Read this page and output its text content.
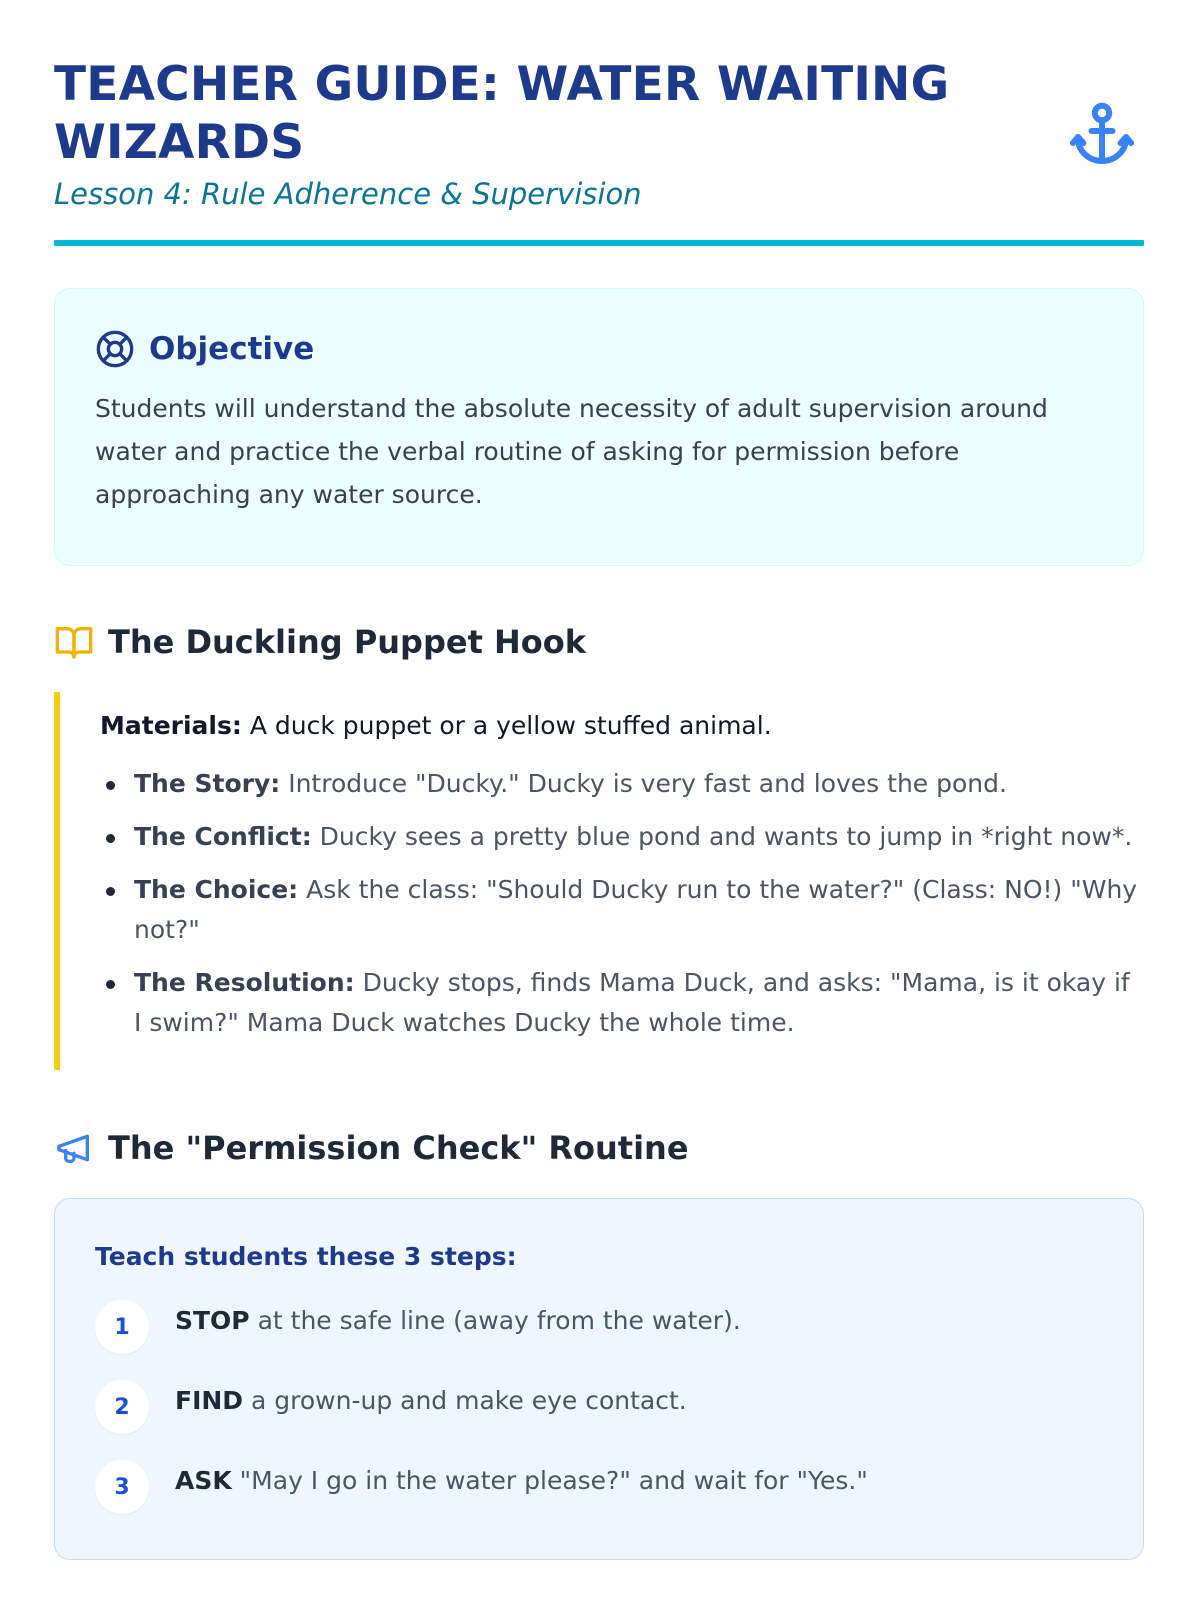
TEACHER GUIDE: WATER WAITING WIZARDS
Lesson 4: Rule Adherence & Supervision
Objective

Students will understand the absolute necessity of adult supervision around water and practice the verbal routine of asking for permission before approaching any water source.

The Duckling Puppet Hook

Materials: A duck puppet or a yellow stuffed animal.

The Story: Introduce "Ducky." Ducky is very fast and loves the pond.
The Conflict: Ducky sees a pretty blue pond and wants to jump in *right now*.
The Choice: Ask the class: "Should Ducky run to the water?" (Class: NO!) "Why not?"
The Resolution: Ducky stops, finds Mama Duck, and asks: "Mama, is it okay if I swim?" Mama Duck watches Ducky the whole time.
The "Permission Check" Routine
Teach students these 3 steps:
1	STOP at the safe line (away from the water).
2	FIND a grown-up and make eye contact.
3	ASK "May I go in the water please?" and wait for "Yes."
